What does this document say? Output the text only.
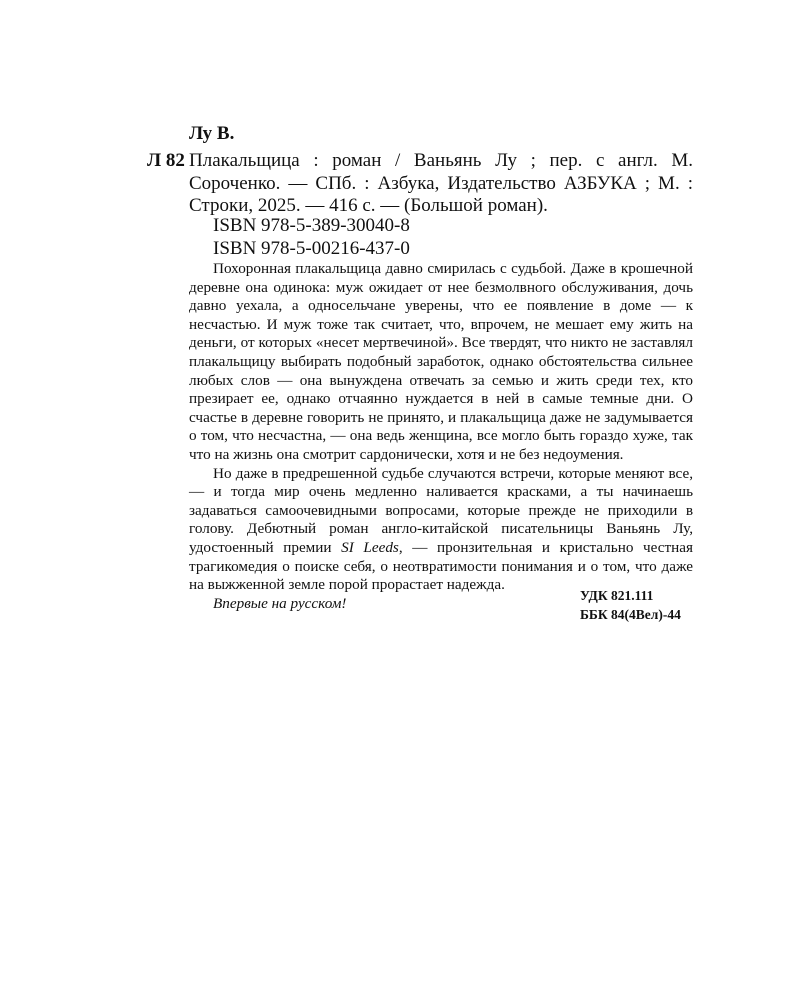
Лу В.
Л 82 Плакальщица : роман / Ваньянь Лу ; пер. с англ. М. Сороченко. — СПб. : Азбука, Издательство АЗБУКА ; М. : Строки, 2025. — 416 с. — (Большой роман).
ISBN 978-5-389-30040-8
ISBN 978-5-00216-437-0

Похоронная плакальщица давно смирилась с судьбой. Даже в крошечной деревне она одинока: муж ожидает от нее безмолвного обслуживания, дочь давно уехала, а односельчане уверены, что ее появление в доме — к несчастью. И муж тоже так считает, что, впрочем, не мешает ему жить на деньги, от которых «несет мертвечиной». Все твердят, что никто не заставлял плакальщицу выбирать подобный заработок, однако обстоятельства сильнее любых слов — она вынуждена отвечать за семью и жить среди тех, кто презирает ее, однако отчаянно нуждается в ней в самые темные дни. О счастье в деревне говорить не принято, и плакальщица даже не задумывается о том, что несчастна, — она ведь женщина, все могло быть гораздо хуже, так что на жизнь она смотрит сардонически, хотя и не без недоумения.

Но даже в предрешенной судьбе случаются встречи, которые меняют все, — и тогда мир очень медленно наливается красками, а ты начинаешь задаваться самоочевидными вопросами, которые прежде не приходили в голову. Дебютный роман англо-китайской писательницы Ваньянь Лу, удостоенный премии SI Leeds, — пронзительная и кристально честная трагикомедия о поиске себя, о неотвратимости понимания и о том, что даже на выжженной земле порой прорастает надежда.

Впервые на русском!	УДК 821.111
ББК 84(4Вел)-44
